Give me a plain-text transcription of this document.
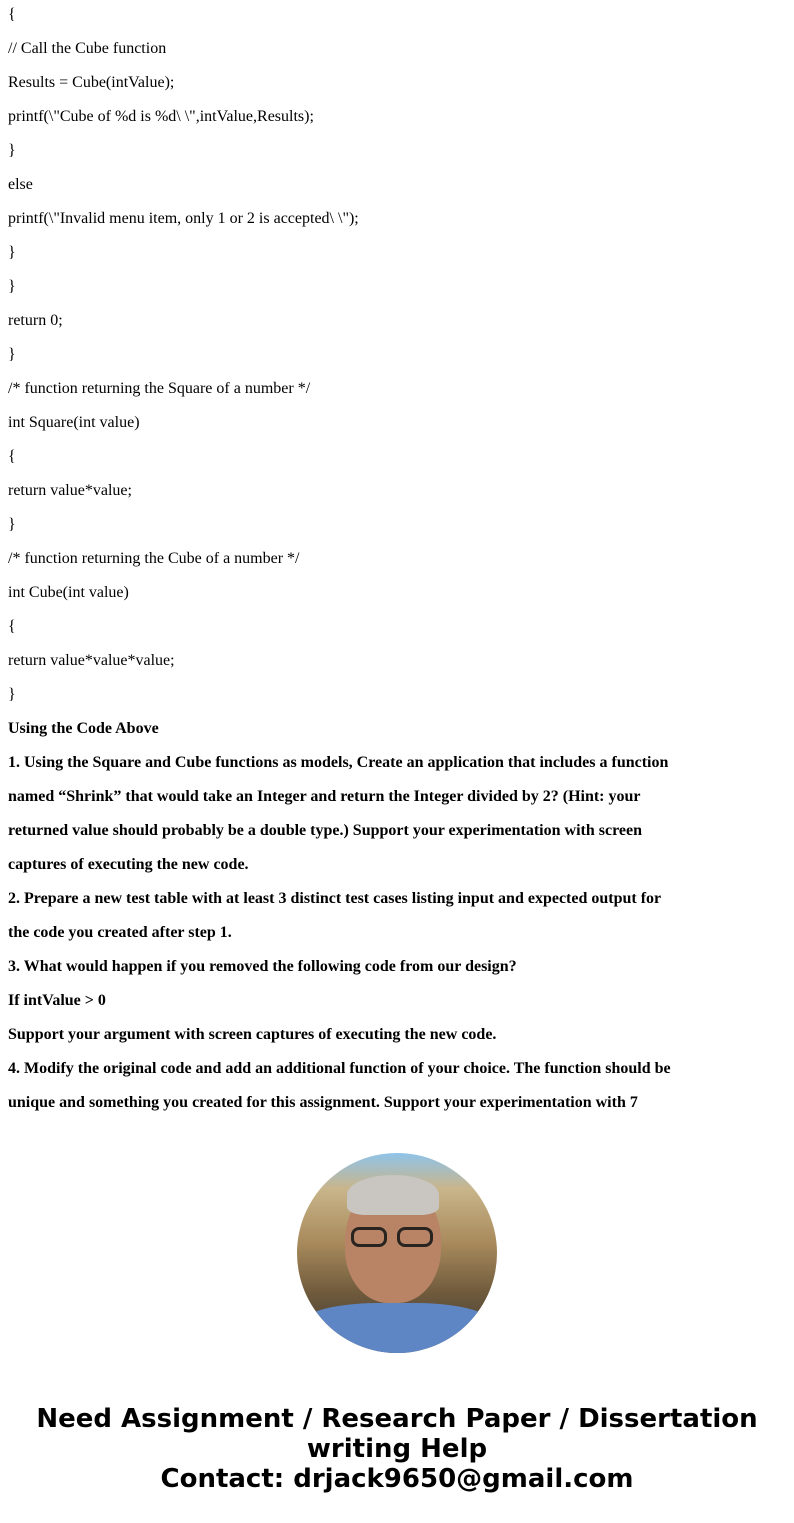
{
// Call the Cube function
Results = Cube(intValue);
printf(\"Cube of %d is %d\ \",intValue,Results);
}
else
printf(\"Invalid menu item, only 1 or 2 is accepted\ \");
}
}
return 0;
}
/* function returning the Square of a number */
int Square(int value)
{
return value*value;
}
/* function returning the Cube of a number */
int Cube(int value)
{
return value*value*value;
}
Using the Code Above
1. Using the Square and Cube functions as models, Create an application that includes a function
named “Shrink” that would take an Integer and return the Integer divided by 2? (Hint: your
returned value should probably be a double type.) Support your experimentation with screen
captures of executing the new code.
2. Prepare a new test table with at least 3 distinct test cases listing input and expected output for
the code you created after step 1.
3. What would happen if you removed the following code from our design?
If intValue > 0
Support your argument with screen captures of executing the new code.
4. Modify the original code and add an additional function of your choice. The function should be
unique and something you created for this assignment. Support your experimentation with 7
Need Assignment / Research Paper / Dissertation
writing Help
Contact: drjack9650@gmail.com
